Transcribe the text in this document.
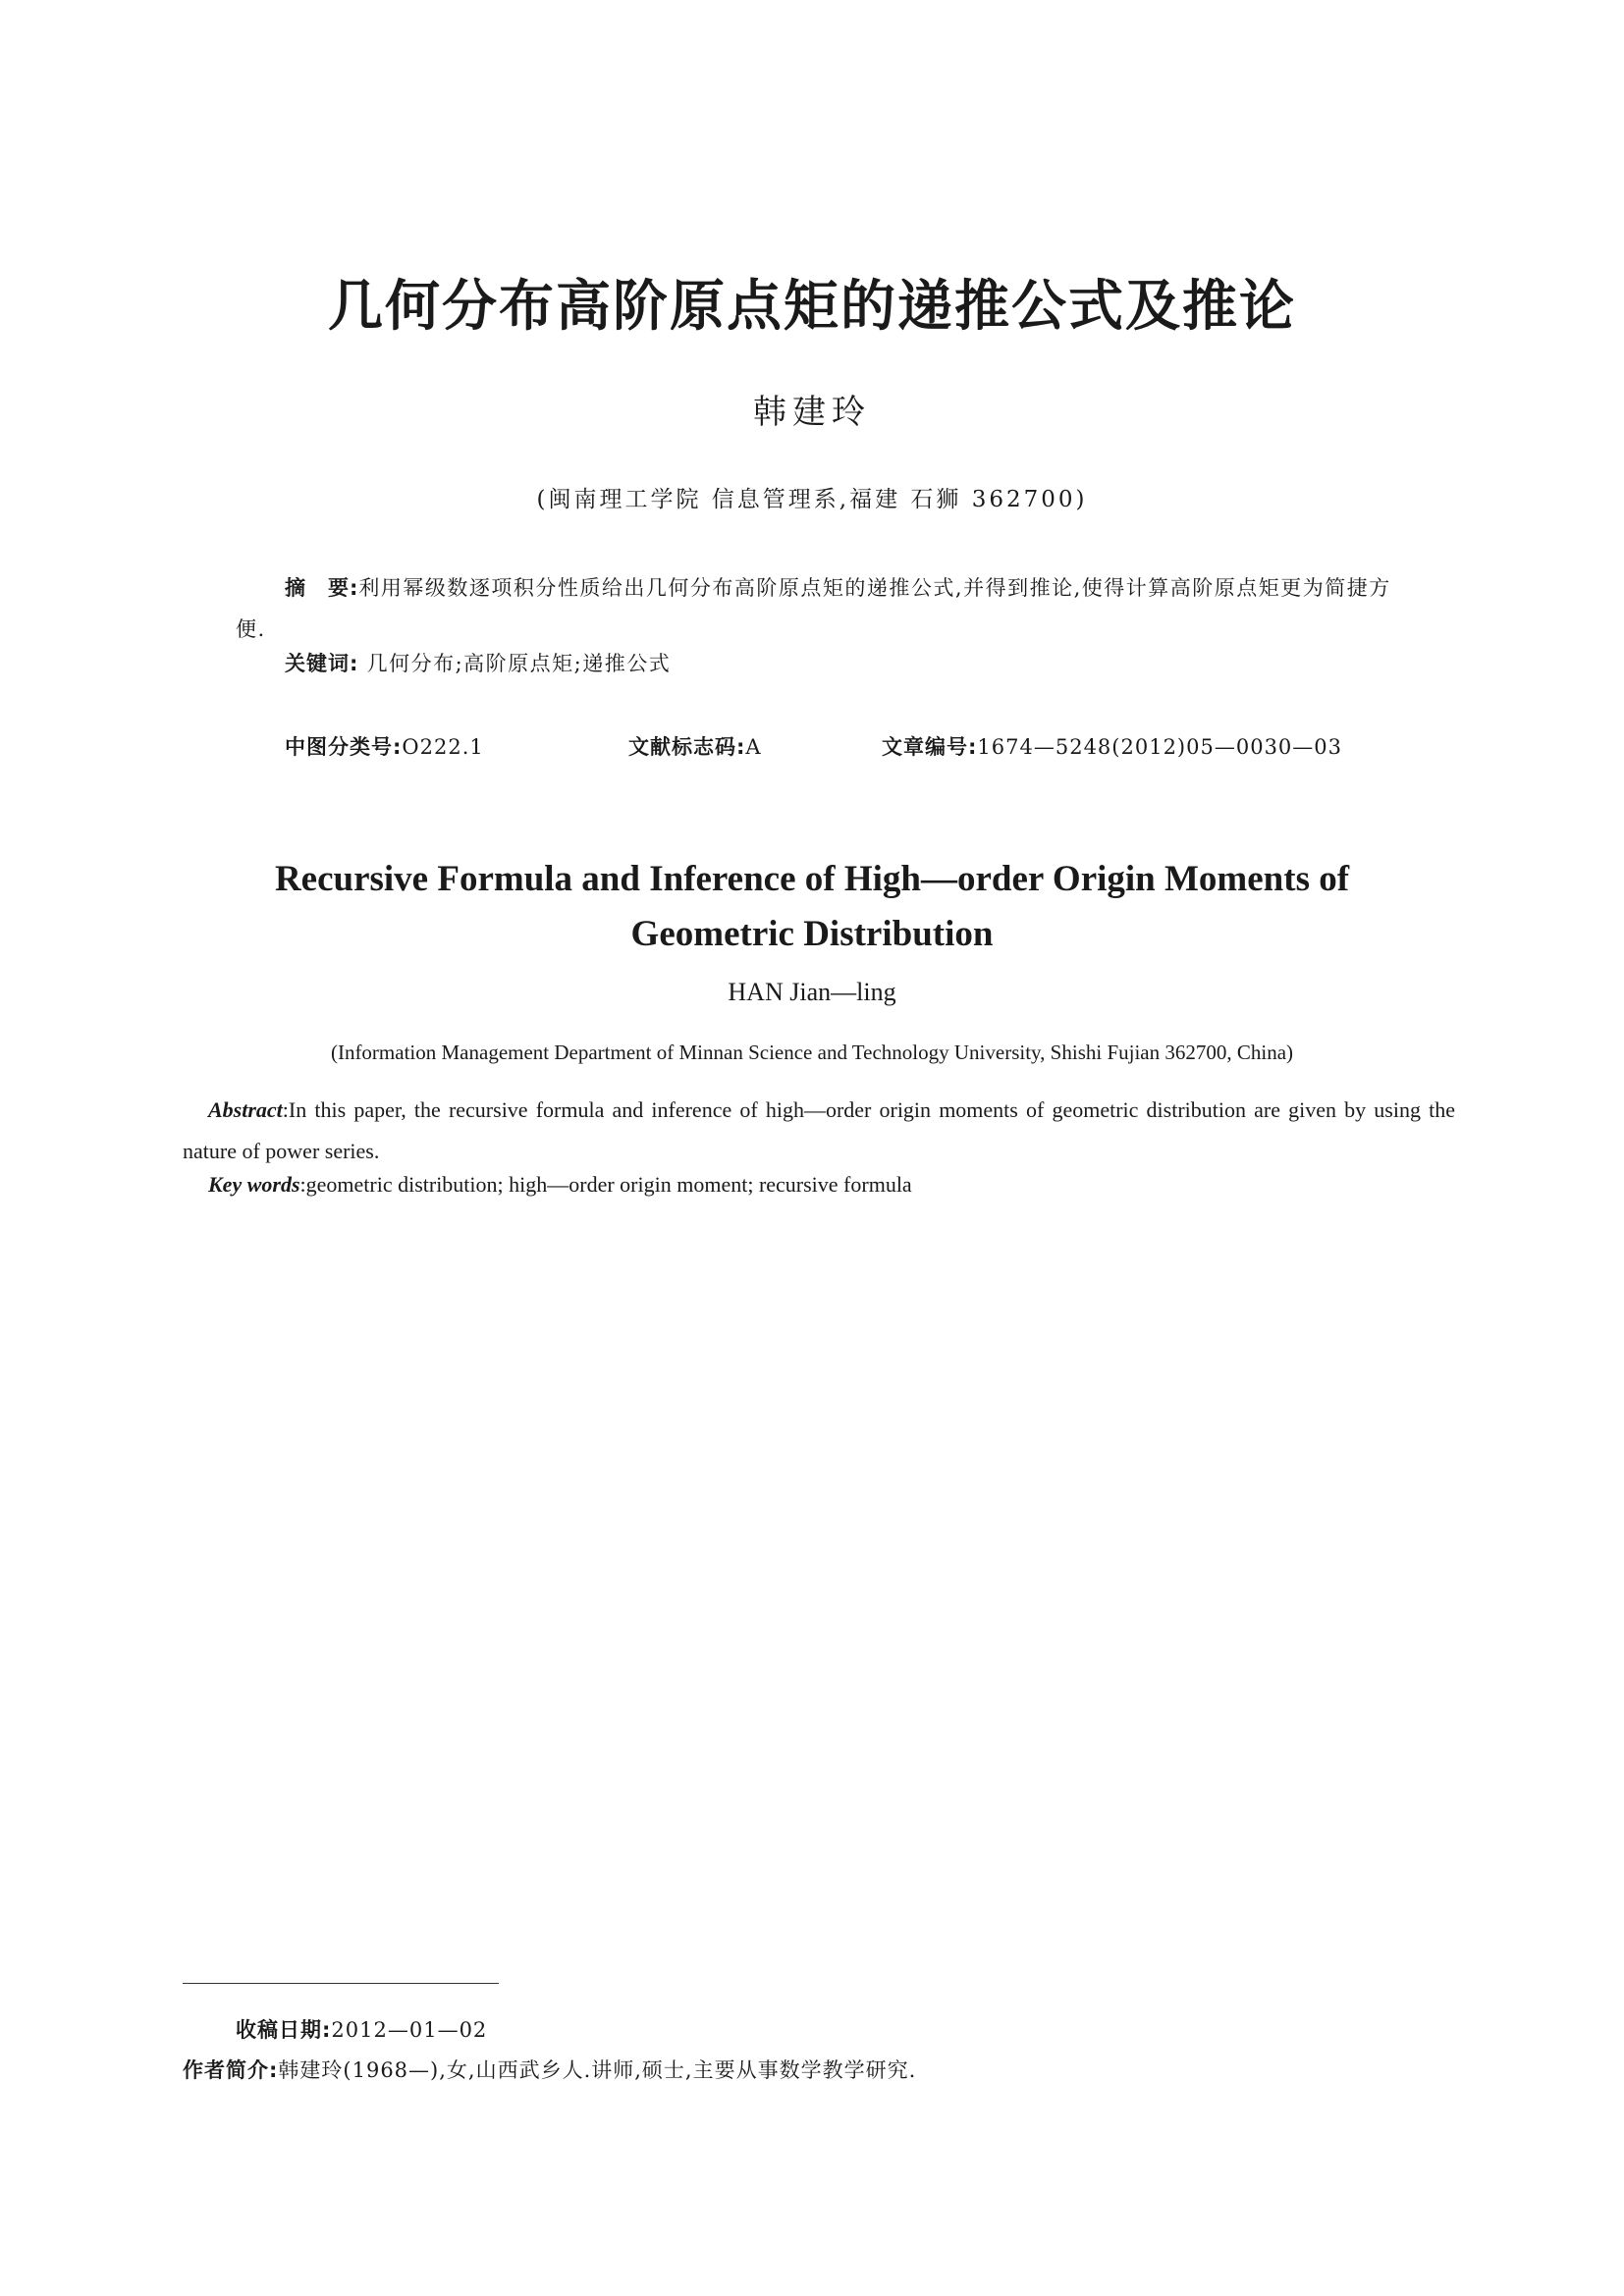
几何分布高阶原点矩的递推公式及推论
韩建玲
(闽南理工学院 信息管理系,福建 石狮 362700)
摘　要:利用幂级数逐项积分性质给出几何分布高阶原点矩的递推公式,并得到推论,使得计算高阶原点矩更为简捷方便.
关键词: 几何分布;高阶原点矩;递推公式
中图分类号:O222.1	文献标志码:A	文章编号:1674—5248(2012)05—0030—03
Recursive Formula and Inference of High—order Origin Moments of Geometric Distribution
HAN Jian—ling
(Information Management Department of Minnan Science and Technology University, Shishi Fujian 362700, China)
Abstract:In this paper, the recursive formula and inference of high—order origin moments of geometric distribution are given by using the nature of power series.
Key words:geometric distribution; high—order origin moment; recursive formula
收稿日期:2012—01—02
作者简介:韩建玲(1968—),女,山西武乡人.讲师,硕士,主要从事数学教学研究.
